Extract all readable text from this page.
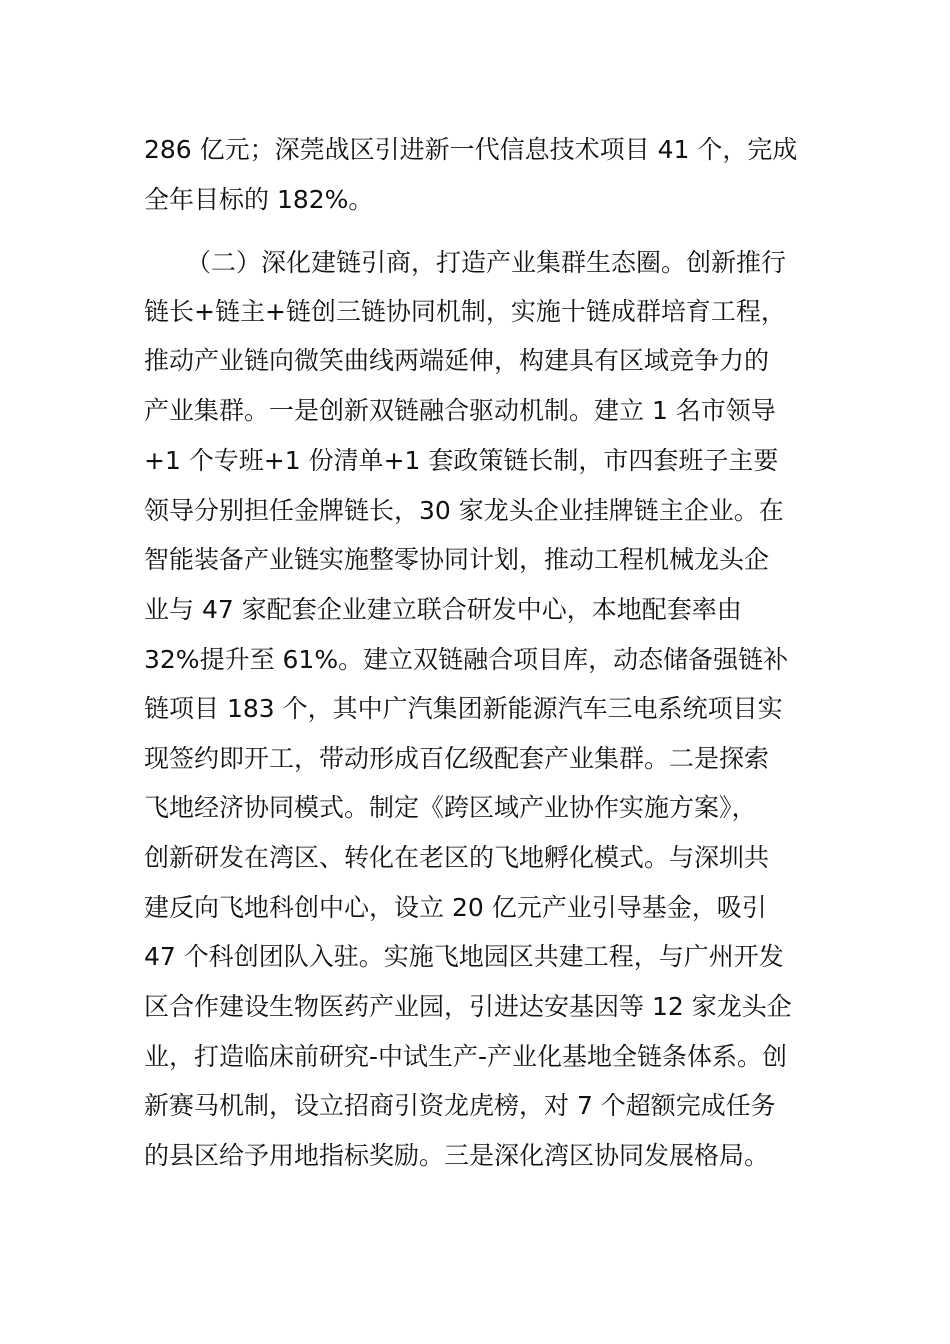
286 亿元；深莞战区引进新一代信息技术项目 41 个，完成
全年目标的 182%。
（二）深化建链引商，打造产业集群生态圈。创新推行
链长+链主+链创三链协同机制，实施十链成群培育工程，
推动产业链向微笑曲线两端延伸，构建具有区域竞争力的
产业集群。一是创新双链融合驱动机制。建立 1 名市领导
+1 个专班+1 份清单+1 套政策链长制，市四套班子主要
领导分别担任金牌链长，30 家龙头企业挂牌链主企业。在
智能装备产业链实施整零协同计划，推动工程机械龙头企
业与 47 家配套企业建立联合研发中心，本地配套率由
32%提升至 61%。建立双链融合项目库，动态储备强链补
链项目 183 个，其中广汽集团新能源汽车三电系统项目实
现签约即开工，带动形成百亿级配套产业集群。二是探索
飞地经济协同模式。制定《跨区域产业协作实施方案》，
创新研发在湾区、转化在老区的飞地孵化模式。与深圳共
建反向飞地科创中心，设立 20 亿元产业引导基金，吸引
47 个科创团队入驻。实施飞地园区共建工程，与广州开发
区合作建设生物医药产业园，引进达安基因等 12 家龙头企
业，打造临床前研究-中试生产-产业化基地全链条体系。创
新赛马机制，设立招商引资龙虎榜，对 7 个超额完成任务
的县区给予用地指标奖励。三是深化湾区协同发展格局。
